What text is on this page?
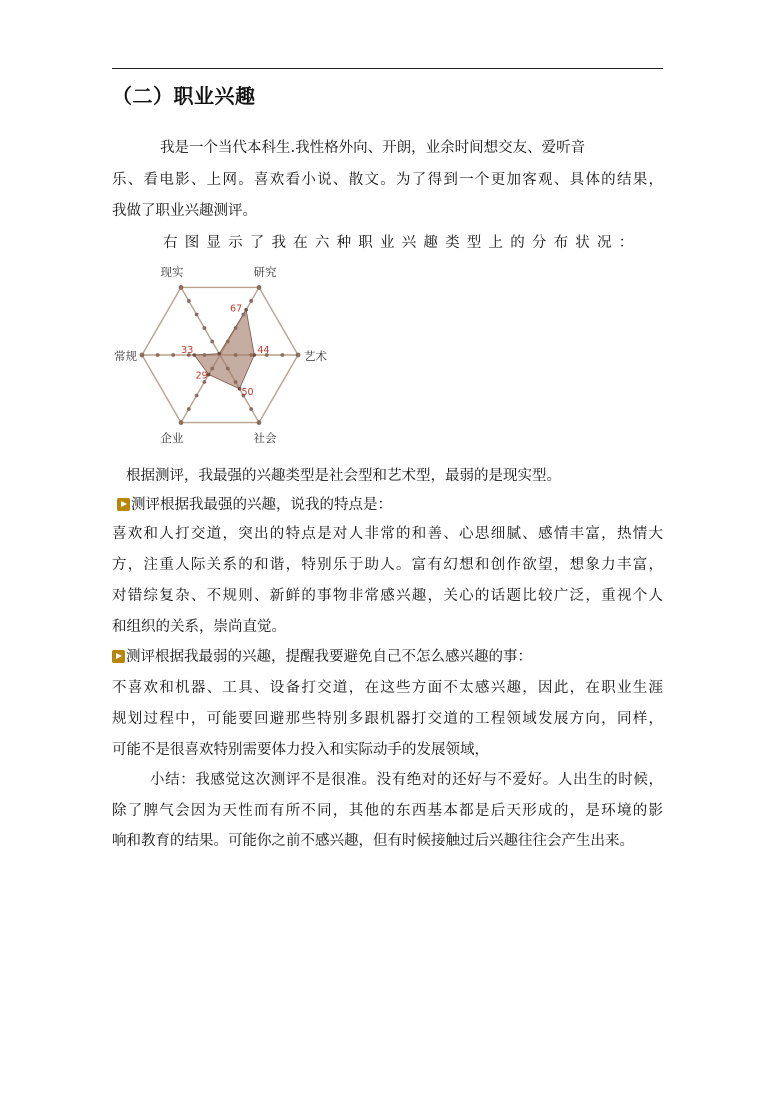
（二）职业兴趣
我是一个当代本科生.我性格外向、开朗，业余时间想交友、爱听音
乐、看电影、上网。喜欢看小说、散文。为了得到一个更加客观、具体的结果，
我做了职业兴趣测评。
右图显示了我在六种职业兴趣类型上的分布状况：
研究
艺术
社会
企业
常规
现实
67
44
50
29
33
根据测评，我最强的兴趣类型是社会型和艺术型，最弱的是现实型。
测评根据我最强的兴趣，说我的特点是：
喜欢和人打交道，突出的特点是对人非常的和善、心思细腻、感情丰富，热情大
方，注重人际关系的和谐，特别乐于助人。富有幻想和创作欲望，想象力丰富，
对错综复杂、不规则、新鲜的事物非常感兴趣，关心的话题比较广泛，重视个人
和组织的关系，崇尚直觉。
测评根据我最弱的兴趣，提醒我要避免自己不怎么感兴趣的事：
不喜欢和机器、工具、设备打交道，在这些方面不太感兴趣，因此，在职业生涯
规划过程中，可能要回避那些特别多跟机器打交道的工程领域发展方向，同样，
可能不是很喜欢特别需要体力投入和实际动手的发展领域，
小结：我感觉这次测评不是很准。没有绝对的还好与不爱好。人出生的时候，
除了脾气会因为天性而有所不同，其他的东西基本都是后天形成的，是环境的影
响和教育的结果。可能你之前不感兴趣，但有时候接触过后兴趣往往会产生出来。
